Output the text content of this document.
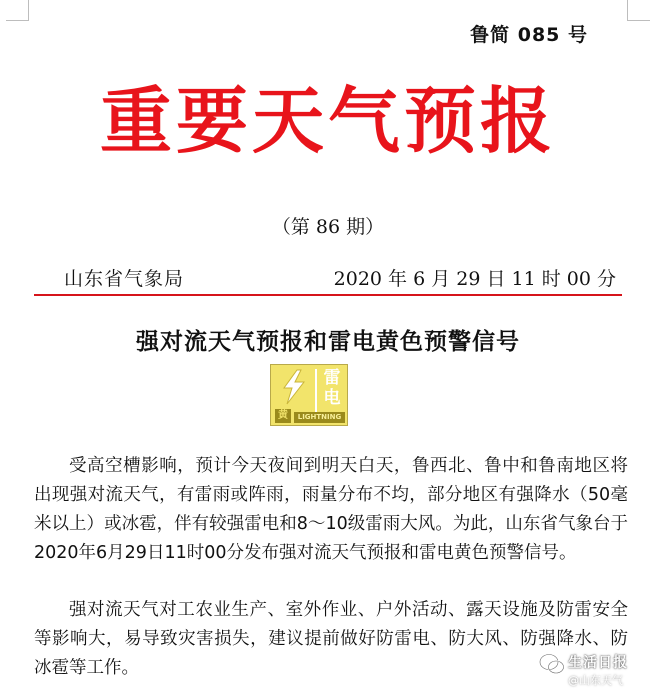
鲁简 085 号
重要天气预报
（第 86 期）
山东省气象局	2020 年 6 月 29 日 11 时 00 分
强对流天气预报和雷电黄色预警信号
雷
电
黄	LIGHTNING

受高空槽影响，预计今天夜间到明天白天，鲁西北、鲁中和鲁南地区将出现强对流天气，有雷雨或阵雨，雨量分布不均，部分地区有强降水（50毫米以上）或冰雹，伴有较强雷电和8～10级雷雨大风。为此，山东省气象台于2020年6月29日11时00分发布强对流天气预报和雷电黄色预警信号。

强对流天气对工农业生产、室外作业、户外活动、露天设施及防雷安全等影响大，易导致灾害损失，建议提前做好防雷电、防大风、防强降水、防冰雹等工作。	生活日报
@山东天气
